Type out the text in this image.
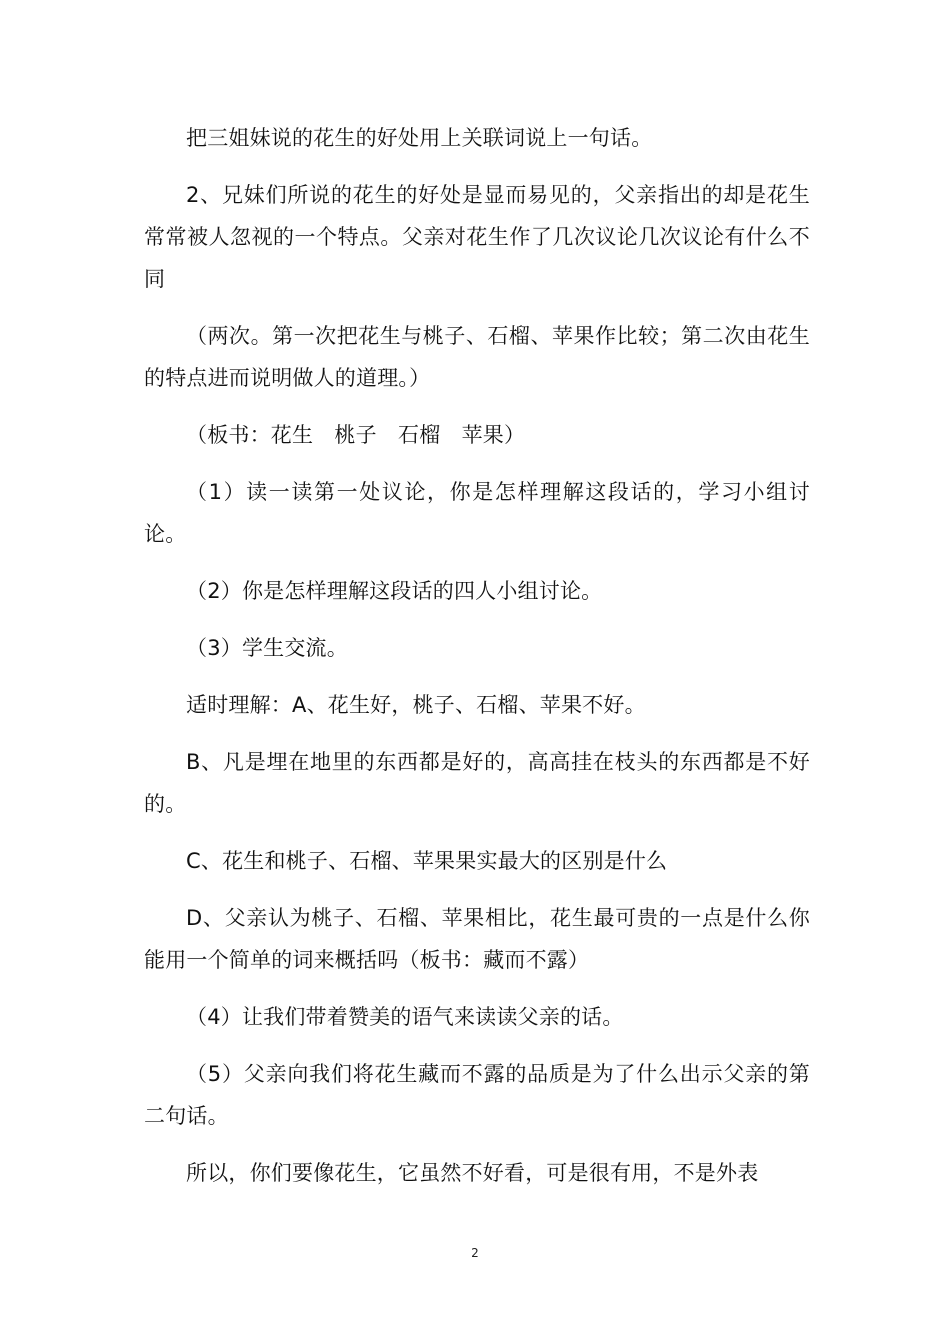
把三姐妹说的花生的好处用上关联词说上一句话。

2、兄妹们所说的花生的好处是显而易见的，父亲指出的却是花生常常被人忽视的一个特点。父亲对花生作了几次议论几次议论有什么不同

（两次。第一次把花生与桃子、石榴、苹果作比较；第二次由花生的特点进而说明做人的道理。）

（板书：花生　桃子　石榴　苹果）

（1）读一读第一处议论，你是怎样理解这段话的，学习小组讨论。

（2）你是怎样理解这段话的四人小组讨论。

（3）学生交流。

适时理解：A、花生好，桃子、石榴、苹果不好。

B、凡是埋在地里的东西都是好的，高高挂在枝头的东西都是不好的。

C、花生和桃子、石榴、苹果果实最大的区别是什么

D、父亲认为桃子、石榴、苹果相比，花生最可贵的一点是什么你能用一个简单的词来概括吗（板书：藏而不露）

（4）让我们带着赞美的语气来读读父亲的话。

（5）父亲向我们将花生藏而不露的品质是为了什么出示父亲的第二句话。

所以，你们要像花生，它虽然不好看，可是很有用，不是外表

2
